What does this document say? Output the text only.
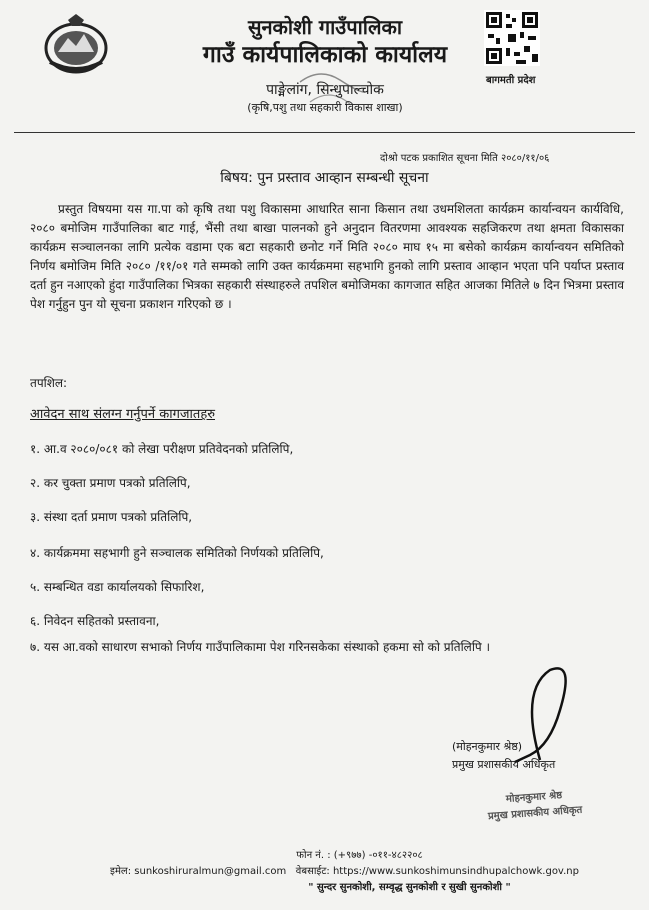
सुनकोशी गाउँपालिका
गाउँ कार्यपालिकाको कार्यालय
पाङ्मेलांग, सिन्धुपाल्चोक
(कृषि,पशु तथा सहकारी विकास शाखा)
बागमती प्रदेश
दोश्रो पटक प्रकाशित सूचना मिति २०८०/११/०६
बिषय: पुन प्रस्ताव आव्हान सम्बन्धी सूचना
प्रस्तुत विषयमा यस गा.पा को कृषि तथा पशु विकासमा आधारित साना किसान तथा उधमशिलता कार्यक्रम कार्यान्वयन कार्यविधि, २०८० बमोजिम गाउँपालिका बाट गाई, भैंसी तथा बाखा पालनको हुने अनुदान वितरणमा आवश्यक सहजिकरण तथा क्षमता विकासका कार्यक्रम सञ्चालनका लागि प्रत्येक वडामा एक बटा सहकारी छनोट गर्ने मिति २०८० माघ १५ मा बसेको कार्यक्रम कार्यान्वयन समितिको निर्णय बमोजिम मिति २०८० /११/०१ गते सम्मको लागि उक्त कार्यक्रममा सहभागि हुनको लागि प्रस्ताव आव्हान भएता पनि पर्याप्त प्रस्ताव दर्ता हुन नआएको हुंदा गाउँपालिका भित्रका सहकारी संस्थाहरुले तपशिल बमोजिमका कागजात सहित आजका मितिले ७ दिन भित्रमा प्रस्ताव पेश गर्नुहुन पुन यो सूचना प्रकाशन गरिएको छ ।
तपशिल:
आवेदन साथ संलग्न गर्नुपर्ने कागजातहरु
१. आ.व २०८०/०८१ को लेखा परीक्षण प्रतिवेदनको प्रतिलिपि,
२. कर चुक्ता प्रमाण पत्रको प्रतिलिपि,
३. संस्था दर्ता प्रमाण पत्रको प्रतिलिपि,
४. कार्यक्रममा सहभागी हुने सञ्चालक समितिको निर्णयको प्रतिलिपि,
५. सम्बन्धित वडा कार्यालयको सिफारिश,
६. निवेदन सहितको प्रस्तावना,
७. यस आ.वको साधारण सभाको निर्णय गाउँपालिकामा पेश गरिनसकेका संस्थाको हकमा सो को प्रतिलिपि ।
(मोहनकुमार श्रेष्ठ)
प्रमुख प्रशासकीय अधिकृत
मोहनकुमार श्रेष्ठ
प्रमुख प्रशासकीय अधिकृत
फोन नं. : (+९७७) -०११-४८२२०८
इमेल: sunkoshiruralmun@gmail.com वेबसाईट: https://www.sunkoshimunsindhupalchowk.gov.np
" सुन्दर सुनकोशी, सम्वृद्ध सुनकोशी र सुखी सुनकोशी "
